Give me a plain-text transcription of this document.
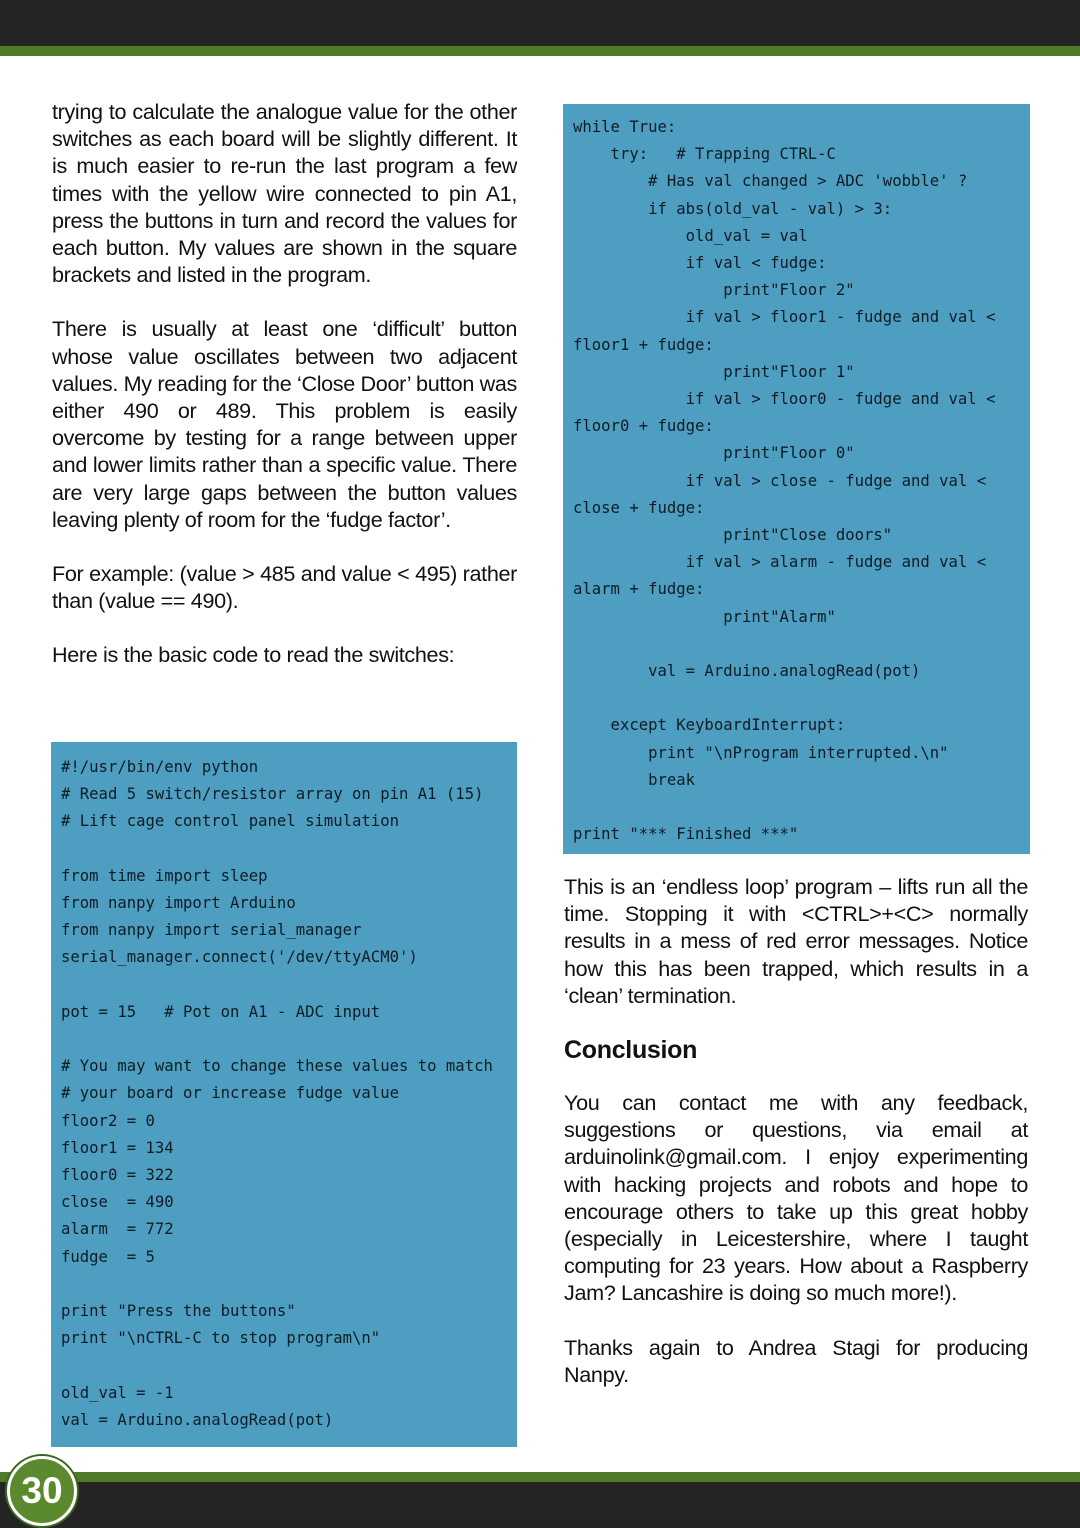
trying to calculate the analogue value for the other switches as each board will be slightly different. It is much easier to re-run the last program a few times with the yellow wire connected to pin A1, press the buttons in turn and record the values for each button. My values are shown in the square brackets and listed in the program.

There is usually at least one ‘difficult’ button whose value oscillates between two adjacent values. My reading for the ‘Close Door’ button was either 490 or 489. This problem is easily overcome by testing for a range between upper and lower limits rather than a specific value. There are very large gaps between the button values leaving plenty of room for the ‘fudge factor’.

For example: (value > 485 and value < 495) rather than (value == 490).

Here is the basic code to read the switches:

#!/usr/bin/env python
# Read 5 switch/resistor array on pin A1 (15)
# Lift cage control panel simulation

from time import sleep
from nanpy import Arduino
from nanpy import serial_manager
serial_manager.connect('/dev/ttyACM0')

pot = 15   # Pot on A1 - ADC input

# You may want to change these values to match
# your board or increase fudge value
floor2 = 0
floor1 = 134
floor0 = 322
close  = 490
alarm  = 772
fudge  = 5

print "Press the buttons"
print "\nCTRL-C to stop program\n"

old_val = -1
val = Arduino.analogRead(pot)
while True:
try:   # Trapping CTRL-C
# Has val changed > ADC 'wobble' ?
if abs(old_val - val) > 3:
old_val = val
if val < fudge:
print"Floor 2"
if val > floor1 - fudge and val <
floor1 + fudge:
print"Floor 1"
if val > floor0 - fudge and val <
floor0 + fudge:
print"Floor 0"
if val > close - fudge and val <
close + fudge:
print"Close doors"
if val > alarm - fudge and val <
alarm + fudge:
print"Alarm"

val = Arduino.analogRead(pot)

except KeyboardInterrupt:
print "\nProgram interrupted.\n"
break

print "*** Finished ***"

This is an ‘endless loop’ program – lifts run all the time. Stopping it with <CTRL>+<C> normally results in a mess of red error messages. Notice how this has been trapped, which results in a ‘clean’ termination.

Conclusion

You can contact me with any feedback, suggestions or questions, via email at arduinolink@gmail.com. I enjoy experimenting with hacking projects and robots and hope to encourage others to take up this great hobby (especially in Leicestershire, where I taught computing for 23 years. How about a Raspberry Jam? Lancashire is doing so much more!).

Thanks again to Andrea Stagi for producing Nanpy.

30
